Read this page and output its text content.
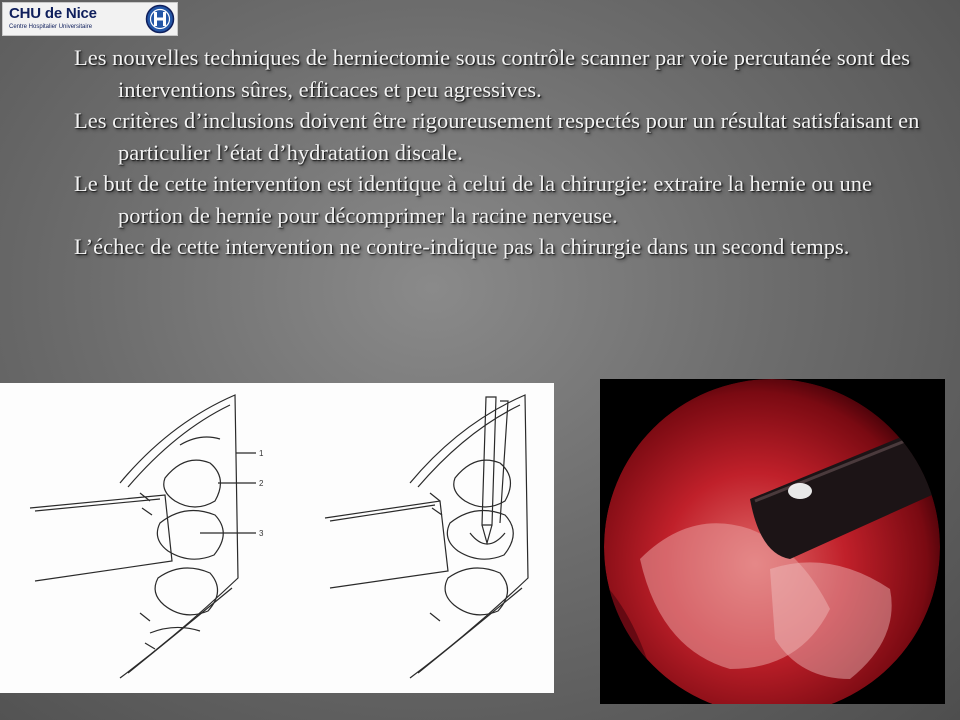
CHU de Nice
Centre Hospitalier Universitaire
Les nouvelles techniques de herniectomie sous contrôle scanner par voie percutanée sont des interventions sûres, efficaces et peu agressives.
Les critères d’inclusions doivent être rigoureusement respectés pour un résultat satisfaisant en particulier l’état d’hydratation discale.
Le but de cette intervention est identique à celui de la chirurgie: extraire la hernie ou une portion de hernie pour décomprimer la racine nerveuse.
L’échec de cette intervention ne contre-indique pas la chirurgie dans un second temps.
1
2
3
